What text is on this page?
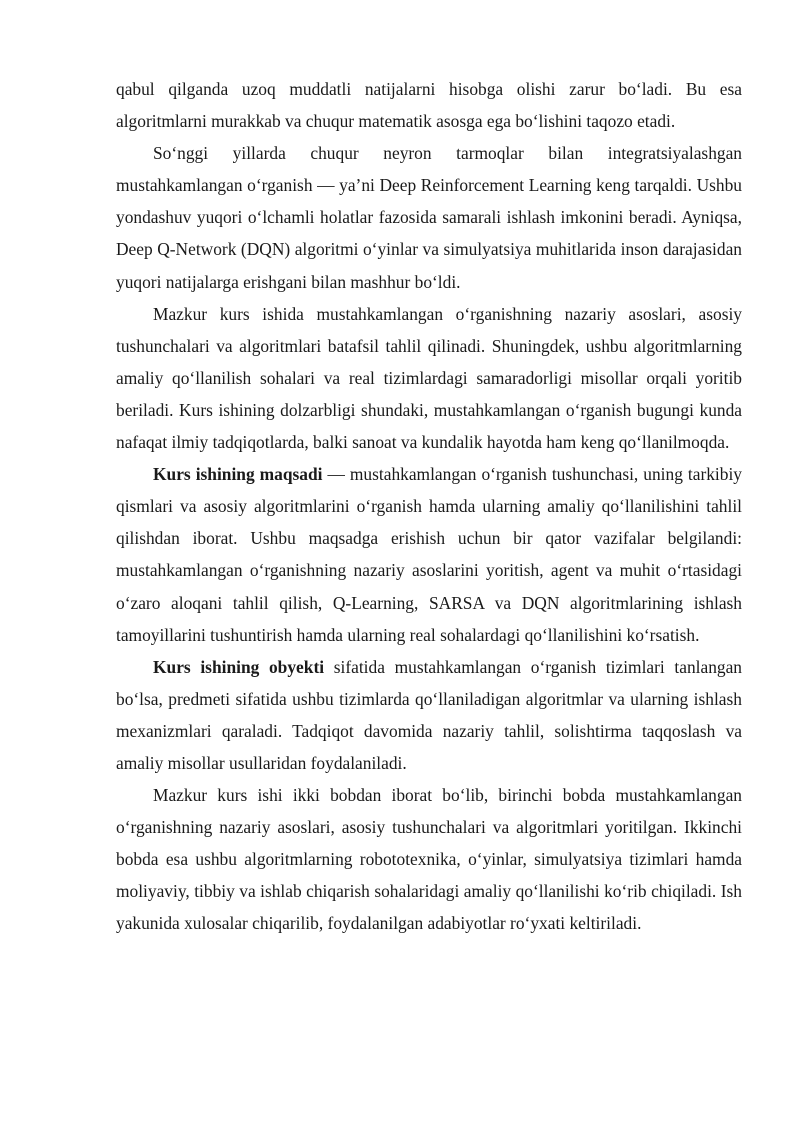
qabul qilganda uzoq muddatli natijalarni hisobga olishi zarur bo‘ladi. Bu esa algoritmlarni murakkab va chuqur matematik asosga ega bo‘lishini taqozo etadi.

So‘nggi yillarda chuqur neyron tarmoqlar bilan integratsiyalashgan mustahkamlangan o‘rganish — ya’ni Deep Reinforcement Learning keng tarqaldi. Ushbu yondashuv yuqori o‘lchamli holatlar fazosida samarali ishlash imkonini beradi. Ayniqsa, Deep Q-Network (DQN) algoritmi o‘yinlar va simulyatsiya muhitlarida inson darajasidan yuqori natijalarga erishgani bilan mashhur bo‘ldi.

Mazkur kurs ishida mustahkamlangan o‘rganishning nazariy asoslari, asosiy tushunchalari va algoritmlari batafsil tahlil qilinadi. Shuningdek, ushbu algoritmlarning amaliy qo‘llanilish sohalari va real tizimlardagi samaradorligi misollar orqali yoritib beriladi. Kurs ishining dolzarbligi shundaki, mustahkamlangan o‘rganish bugungi kunda nafaqat ilmiy tadqiqotlarda, balki sanoat va kundalik hayotda ham keng qo‘llanilmoqda.

Kurs ishining maqsadi — mustahkamlangan o‘rganish tushunchasi, uning tarkibiy qismlari va asosiy algoritmlarini o‘rganish hamda ularning amaliy qo‘llanilishini tahlil qilishdan iborat. Ushbu maqsadga erishish uchun bir qator vazifalar belgilandi: mustahkamlangan o‘rganishning nazariy asoslarini yoritish, agent va muhit o‘rtasidagi o‘zaro aloqani tahlil qilish, Q-Learning, SARSA va DQN algoritmlarining ishlash tamoyillarini tushuntirish hamda ularning real sohalardagi qo‘llanilishini ko‘rsatish.

Kurs ishining obyekti sifatida mustahkamlangan o‘rganish tizimlari tanlangan bo‘lsa, predmeti sifatida ushbu tizimlarda qo‘llaniladigan algoritmlar va ularning ishlash mexanizmlari qaraladi. Tadqiqot davomida nazariy tahlil, solishtirma taqqoslash va amaliy misollar usullaridan foydalaniladi.

Mazkur kurs ishi ikki bobdan iborat bo‘lib, birinchi bobda mustahkamlangan o‘rganishning nazariy asoslari, asosiy tushunchalari va algoritmlari yoritilgan. Ikkinchi bobda esa ushbu algoritmlarning robototexnika, o‘yinlar, simulyatsiya tizimlari hamda moliyaviy, tibbiy va ishlab chiqarish sohalaridagi amaliy qo‘llanilishi ko‘rib chiqiladi. Ish yakunida xulosalar chiqarilib, foydalanilgan adabiyotlar ro‘yxati keltiriladi.
